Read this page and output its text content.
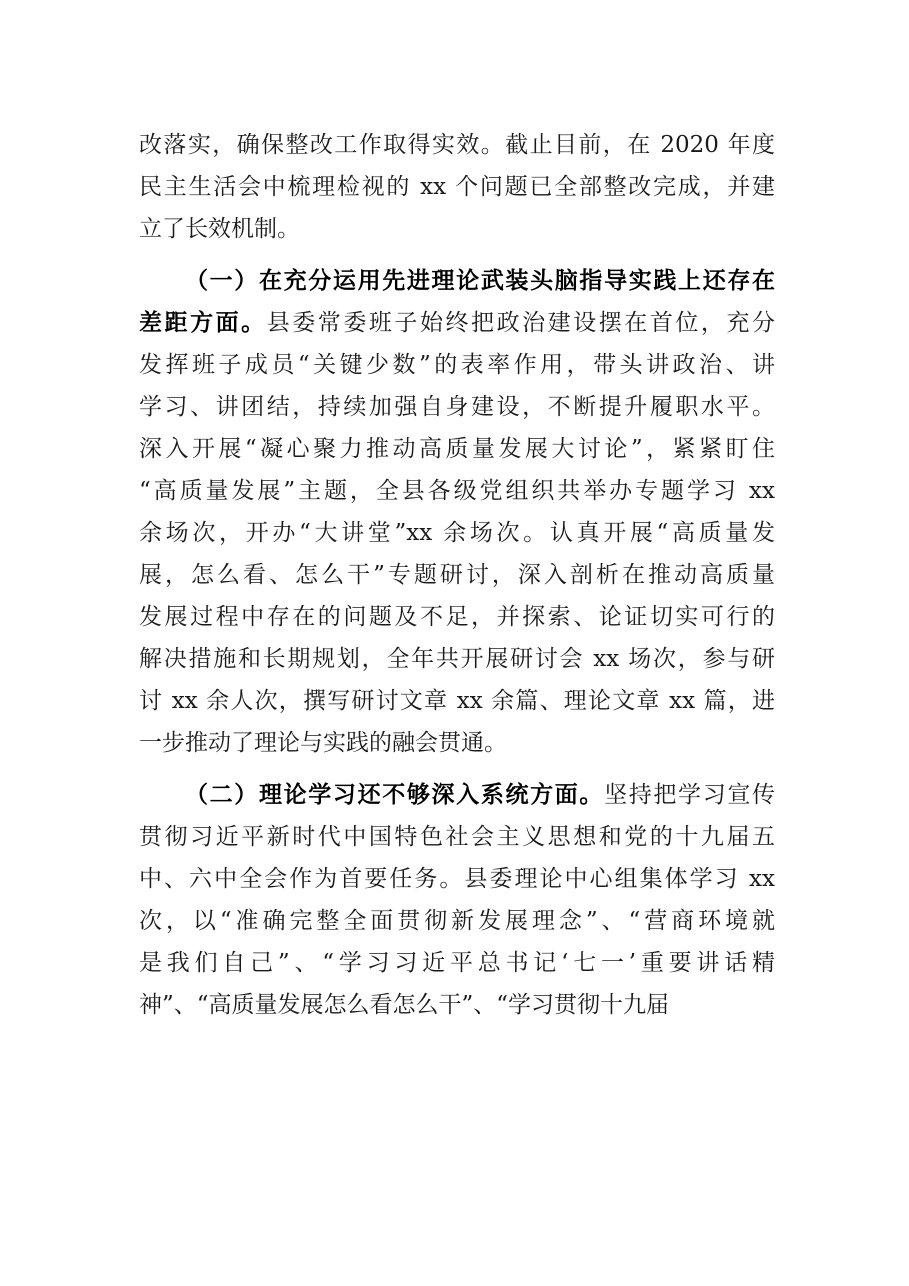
改落实，确保整改工作取得实效。截止目前，在 2020 年度
民主生活会中梳理检视的 xx 个问题已全部整改完成，并建
立了长效机制。
（一）在充分运用先进理论武装头脑指导实践上还存在
差距方面。县委常委班子始终把政治建设摆在首位，充分
发挥班子成员“关键少数”的表率作用，带头讲政治、讲
学习、讲团结，持续加强自身建设，不断提升履职水平。
深入开展“凝心聚力推动高质量发展大讨论”，紧紧盯住
“高质量发展”主题，全县各级党组织共举办专题学习 xx
余场次，开办“大讲堂”xx 余场次。认真开展“高质量发
展，怎么看、怎么干”专题研讨，深入剖析在推动高质量
发展过程中存在的问题及不足，并探索、论证切实可行的
解决措施和长期规划，全年共开展研讨会 xx 场次，参与研
讨 xx 余人次，撰写研讨文章 xx 余篇、理论文章 xx 篇，进
一步推动了理论与实践的融会贯通。
（二）理论学习还不够深入系统方面。坚持把学习宣传
贯彻习近平新时代中国特色社会主义思想和党的十九届五
中、六中全会作为首要任务。县委理论中心组集体学习 xx
次，以“准确完整全面贯彻新发展理念”、“营商环境就
是我们自己”、“学习习近平总书记‘七一’重要讲话精
神”、“高质量发展怎么看怎么干”、“学习贯彻十九届
